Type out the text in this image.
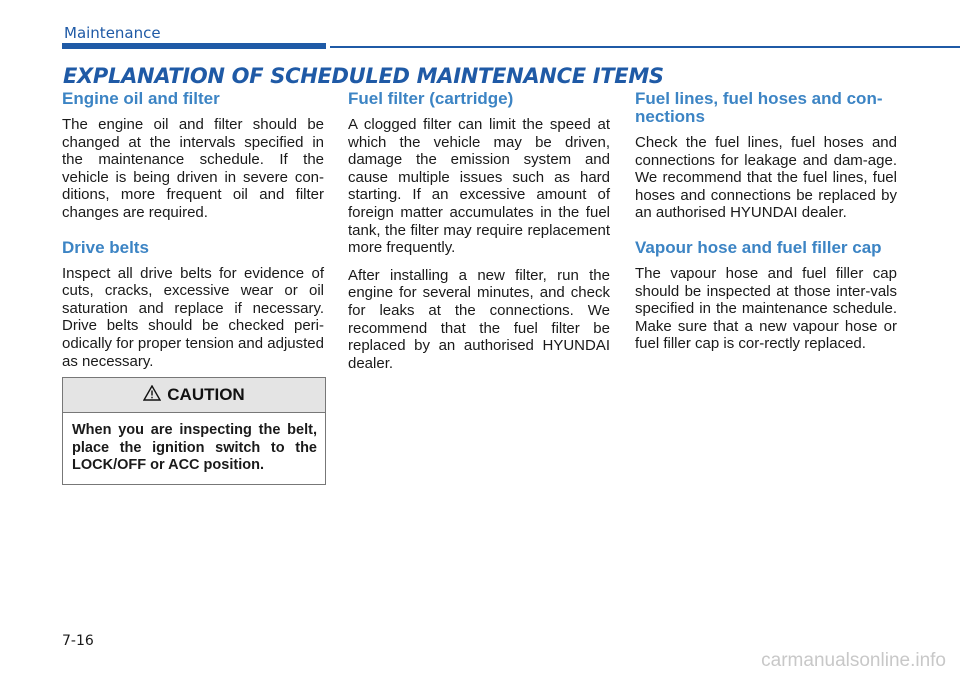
Maintenance
EXPLANATION OF SCHEDULED MAINTENANCE ITEMS
Engine oil and filter

The engine oil and filter should be changed at the intervals specified in the maintenance schedule. If the vehicle is being driven in severe con-ditions, more frequent oil and filter changes are required.

Drive belts

Inspect all drive belts for evidence of cuts, cracks, excessive wear or oil saturation and replace if necessary. Drive belts should be checked peri-odically for proper tension and adjusted as necessary.

CAUTION
When you are inspecting the belt, place the ignition switch to the LOCK/OFF or ACC position.
Fuel filter (cartridge)

A clogged filter can limit the speed at which the vehicle may be driven, damage the emission system and cause multiple issues such as hard starting. If an excessive amount of foreign matter accumulates in the fuel tank, the filter may require replacement more frequently.

After installing a new filter, run the engine for several minutes, and check for leaks at the connections. We recommend that the fuel filter be replaced by an authorised HYUNDAI dealer.

Fuel lines, fuel hoses and con-nections

Check the fuel lines, fuel hoses and connections for leakage and dam-age. We recommend that the fuel lines, fuel hoses and connections be replaced by an authorised HYUNDAI dealer.

Vapour hose and fuel filler cap

The vapour hose and fuel filler cap should be inspected at those inter-vals specified in the maintenance schedule. Make sure that a new vapour hose or fuel filler cap is cor-rectly replaced.

7-16
carmanualsonline.info
